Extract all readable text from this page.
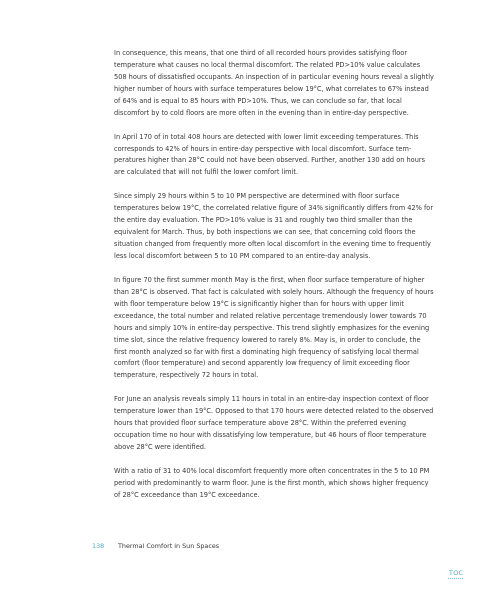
In consequence, this means, that one third of all recorded hours provides satisfying floor temperature what causes no local thermal discomfort. The related PD>10% value calculates 508 hours of dissatisfied occupants. An inspection of in particular evening hours reveal a slightly higher number of hours with surface temperatures below 19°C, what correlates to 67% instead of 64% and is equal to 85 hours with PD>10%. Thus, we can conclude so far, that local discomfort by to cold floors are more often in the evening than in entire-day perspective.

In April 170 of in total 408 hours are detected with lower limit exceeding temperatures. This corresponds to 42% of hours in entire-day perspective with local discomfort. Surface tem-peratures higher than 28°C could not have been observed. Further, another 130 add on hours are calculated that will not fulfil the lower comfort limit.

Since simply 29 hours within 5 to 10 PM perspective are determined with floor surface temperatures below 19°C, the correlated relative figure of 34% significantly differs from 42% for the entire day evaluation. The PD>10% value is 31 and roughly two third smaller than the equivalent for March. Thus, by both inspections we can see, that concerning cold floors the situation changed from frequently more often local discomfort in the evening time to frequently less local discomfort between 5 to 10 PM compared to an entire-day analysis.

In figure 70 the first summer month May is the first, when floor surface temperature of higher than 28°C is observed. That fact is calculated with solely hours. Although the frequency of hours with floor temperature below 19°C is significantly higher than for hours with upper limit exceedance, the total number and related relative percentage tremendously lower towards 70 hours and simply 10% in entire-day perspective. This trend slightly emphasizes for the evening time slot, since the relative frequency lowered to rarely 8%. May is, in order to conclude, the first month analyzed so far with first a dominating high frequency of satisfying local thermal comfort (floor temperature) and second apparently low frequency of limit exceeding floor temperature, respectively 72 hours in total.

For June an analysis reveals simply 11 hours in total in an entire-day inspection context of floor temperature lower than 19°C. Opposed to that 170 hours were detected related to the observed hours that provided floor surface temperature above 28°C. Within the preferred evening occupation time no hour with dissatisfying low temperature, but 46 hours of floor temperature above 28°C were identified.

With a ratio of 31 to 40% local discomfort frequently more often concentrates in the 5 to 10 PM period with predominantly to warm floor. June is the first month, which shows higher frequency of 28°C exceedance than 19°C exceedance.

138 Thermal Comfort in Sun Spaces
TOC
